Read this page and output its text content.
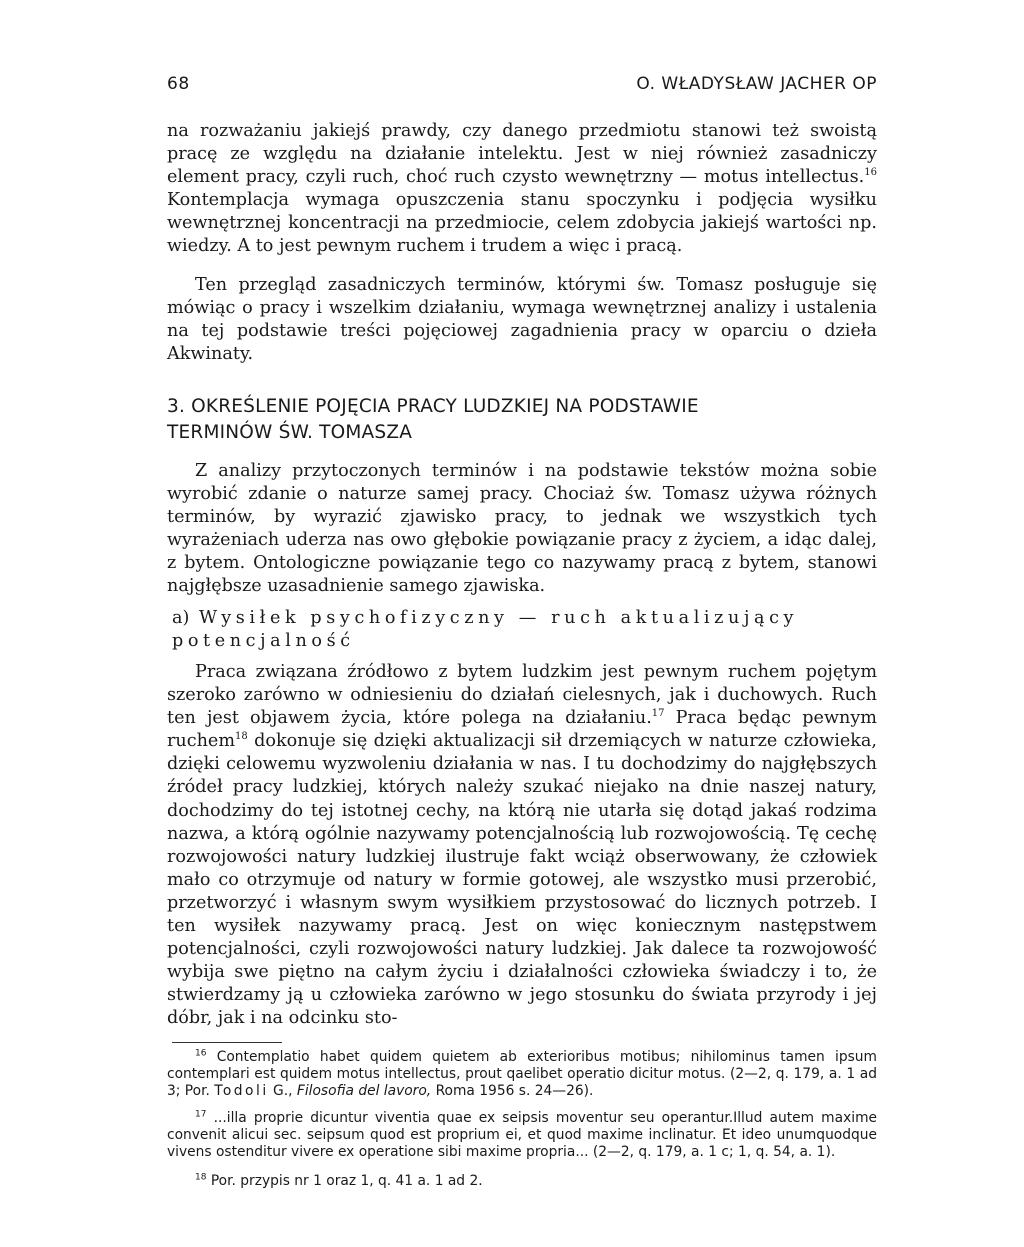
68	O. WŁADYSŁAW JACHER OP
na rozważaniu jakiejś prawdy, czy danego przedmiotu stanowi też swoistą pracę ze względu na działanie intelektu. Jest w niej również zasadniczy element pracy, czyli ruch, choć ruch czysto wewnętrzny — motus intellectus.$^{16}$ Kontemplacja wymaga opuszczenia stanu spoczynku i podjęcia wysiłku wewnętrznej koncentracji na przedmiocie, celem zdobycia jakiejś wartości np. wiedzy. A to jest pewnym ruchem i trudem a więc i pracą.
Ten przegląd zasadniczych terminów, którymi św. Tomasz posługuje się mówiąc o pracy i wszelkim działaniu, wymaga wewnętrznej analizy i ustalenia na tej podstawie treści pojęciowej zagadnienia pracy w oparciu o dzieła Akwinaty.
3. OKREŚLENIE POJĘCIA PRACY LUDZKIEJ NA PODSTAWIE
TERMINÓW ŚW. TOMASZA
Z analizy przytoczonych terminów i na podstawie tekstów można sobie wyrobić zdanie o naturze samej pracy. Chociaż św. Tomasz używa różnych terminów, by wyrazić zjawisko pracy, to jednak we wszystkich tych wyrażeniach uderza nas owo głębokie powiązanie pracy z życiem, a idąc dalej, z bytem. Ontologiczne powiązanie tego co nazywamy pracą z bytem, stanowi najgłębsze uzasadnienie samego zjawiska.
a) Wysiłek psychofizyczny — ruch aktualizujący potencjalność
Praca związana źródłowo z bytem ludzkim jest pewnym ruchem pojętym szeroko zarówno w odniesieniu do działań cielesnych, jak i duchowych. Ruch ten jest objawem życia, które polega na działaniu.$^{17}$ Praca będąc pewnym ruchem$^{18}$ dokonuje się dzięki aktualizacji sił drzemiących w naturze człowieka, dzięki celowemu wyzwoleniu działania w nas. I tu dochodzimy do najgłębszych źródeł pracy ludzkiej, których należy szukać niejako na dnie naszej natury, dochodzimy do tej istotnej cechy, na którą nie utarła się dotąd jakaś rodzima nazwa, a którą ogólnie nazywamy potencjalnością lub rozwojowością. Tę cechę rozwojowości natury ludzkiej ilustruje fakt wciąż obserwowany, że człowiek mało co otrzymuje od natury w formie gotowej, ale wszystko musi przerobić, przetworzyć i własnym swym wysiłkiem przystosować do licznych potrzeb. I ten wysiłek nazywamy pracą. Jest on więc koniecznym następstwem potencjalności, czyli rozwojowości natury ludzkiej. Jak dalece ta rozwojowość wybija swe piętno na całym życiu i działalności człowieka świadczy i to, że stwierdzamy ją u człowieka zarówno w jego stosunku do świata przyrody i jej dóbr, jak i na odcinku sto-
$^{16}$ Contemplatio habet quidem quietem ab exterioribus motibus; nihilominus tamen ipsum contemplari est quidem motus intellectus, prout qaelibet operatio dicitur motus. (2—2, q. 179, a. 1 ad 3; Por. Todoli G., Filosofia del lavoro, Roma 1956 s. 24—26).
$^{17}$ ...illa proprie dicuntur viventia quae ex seipsis moventur seu operantur.Illud autem maxime convenit alicui sec. seipsum quod est proprium ei, et quod maxime inclinatur. Et ideo unumquodque vivens ostenditur vivere ex operatione sibi maxime propria... (2—2, q. 179, a. 1 c; 1, q. 54, a. 1).
$^{18}$ Por. przypis nr 1 oraz 1, q. 41 a. 1 ad 2.
